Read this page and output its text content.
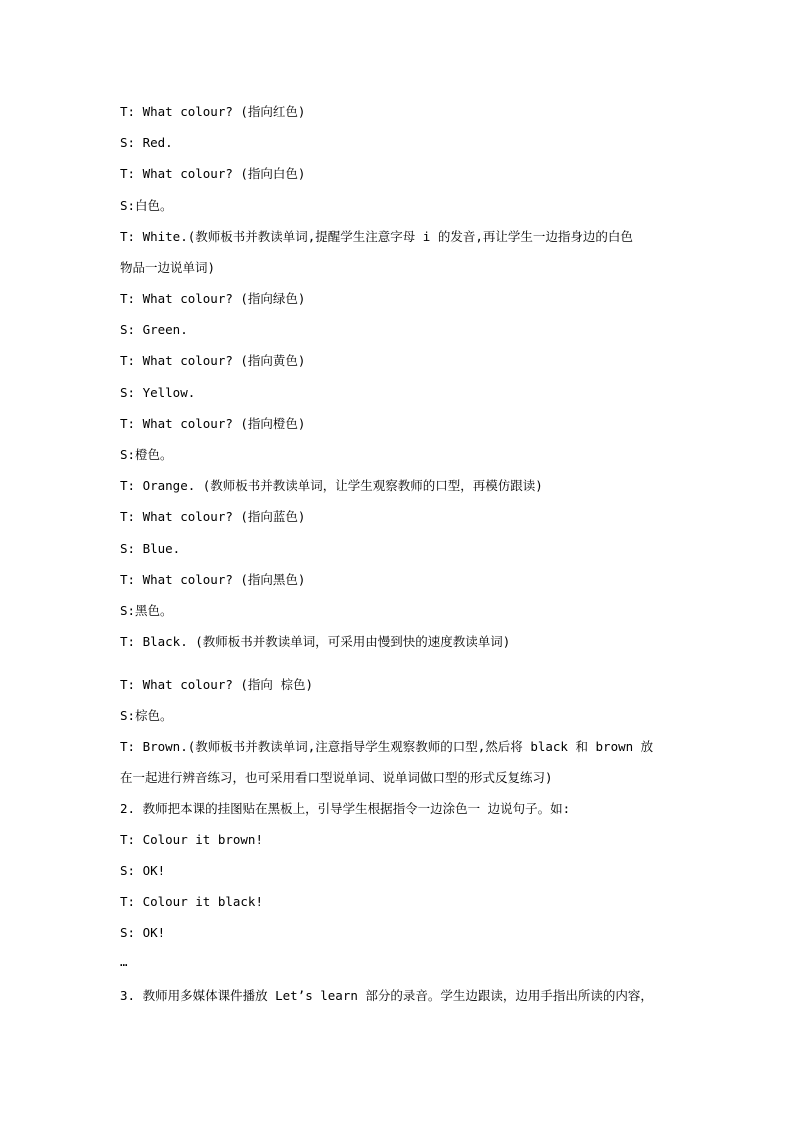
T: What colour? (指向红色)
S: Red.
T: What colour? (指向白色)
S:白色。
T: White.(教师板书并教读单词,提醒学生注意字母 i 的发音,再让学生一边指身边的白色
物品一边说单词)
T: What colour? (指向绿色)
S: Green.
T: What colour? (指向黄色)
S: Yellow.
T: What colour? (指向橙色)
S:橙色。
T: Orange. (教师板书并教读单词，让学生观察教师的口型，再模仿跟读)
T: What colour? (指向蓝色)
S: Blue.
T: What colour? (指向黑色)
S:黑色。
T: Black. (教师板书并教读单词，可采用由慢到快的速度教读单词)
T: What colour? (指向 棕色)
S:棕色。
T: Brown.(教师板书并教读单词,注意指导学生观察教师的口型,然后将 black 和 brown 放
在一起进行辨音练习，也可采用看口型说单词、说单词做口型的形式反复练习)
2. 教师把本课的挂图贴在黑板上，引导学生根据指令一边涂色一 边说句子。如:
T: Colour it brown!
S: OK!
T: Colour it black!
S: OK!
…
3. 教师用多媒体课件播放 Let’s learn 部分的录音。学生边跟读，边用手指出所读的内容，
